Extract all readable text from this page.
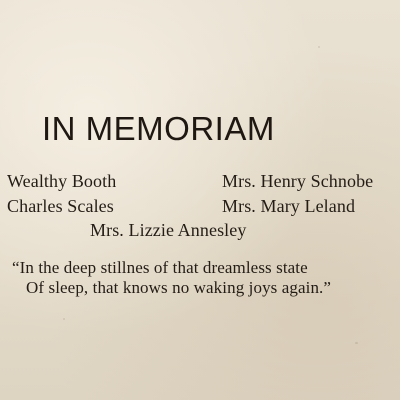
IN MEMORIAM
Wealthy Booth	Mrs. Henry Schnobe
Charles Scales	Mrs. Mary Leland
Mrs. Lizzie Annesley
“In the deep stillnes of that dreamless state
Of sleep, that knows no waking joys again.”
